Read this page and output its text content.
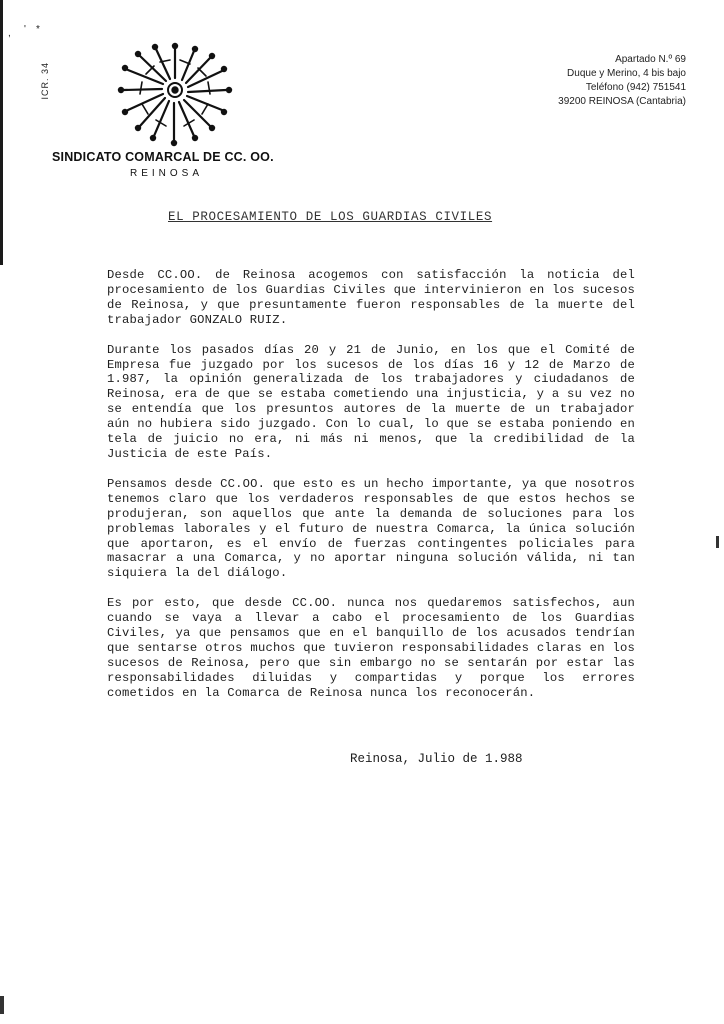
, ' *
ICR. 34
SINDICATO COMARCAL DE CC. OO.
REINOSA
Apartado N.º 69
Duque y Merino, 4 bis bajo
Teléfono (942) 751541
39200 REINOSA (Cantabria)
EL PROCESAMIENTO DE LOS GUARDIAS CIVILES

Desde CC.OO. de Reinosa acogemos con satisfacción la noticia del procesamiento de los Guardias Civiles que intervinieron en los sucesos de Reinosa, y que presuntamente fueron responsables de la muerte del trabajador GONZALO RUIZ.

Durante los pasados días 20 y 21 de Junio, en los que el Comité de Empresa fue juzgado por los sucesos de los días 16 y 12 de Marzo de 1.987, la opinión generalizada de los trabajadores y ciudadanos de Reinosa, era de que se estaba cometiendo una injusticia, y a su vez no se entendía que los presuntos autores de la muerte de un trabajador aún no hubiera sido juzgado. Con lo cual, lo que se estaba poniendo en tela de juicio no era, ni más ni menos, que la credibilidad de la Justicia de este País.

Pensamos desde CC.OO. que esto es un hecho importante, ya que nosotros tenemos claro que los verdaderos responsables de que estos hechos se produjeran, son aquellos que ante la demanda de soluciones para los problemas laborales y el futuro de nuestra Comarca, la única solución que aportaron, es el envío de fuerzas contingentes policiales para masacrar a una Comarca, y no aportar ninguna solución válida, ni tan siquiera la del diálogo.

Es por esto, que desde CC.OO. nunca nos quedaremos satisfechos, aun cuando se vaya a llevar a cabo el procesamiento de los Guardias Civiles, ya que pensamos que en el banquillo de los acusados tendrían que sentarse otros muchos que tuvieron responsabilidades claras en los sucesos de Reinosa, pero que sin embargo no se sentarán por estar las responsabilidades diluidas y compartidas y porque los errores cometidos en la Comarca de Reinosa nunca los reconocerán.

Reinosa, Julio de 1.988
